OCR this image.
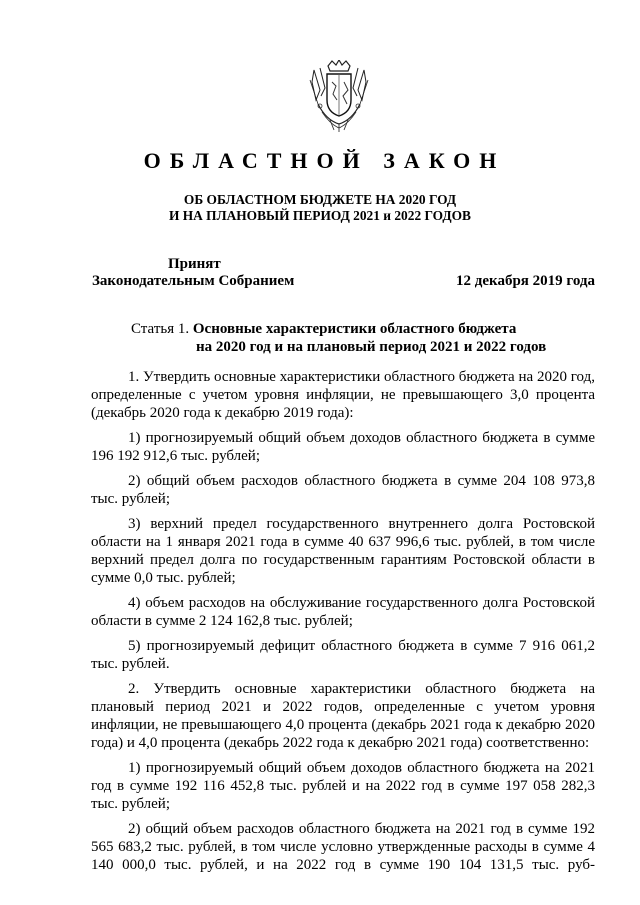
ОБЛАСТНОЙ ЗАКОН
ОБ ОБЛАСТНОМ БЮДЖЕТЕ НА 2020 ГОД
И НА ПЛАНОВЫЙ ПЕРИОД 2021 и 2022 ГОДОВ
Принят
Законодательным Собранием	12 декабря 2019 года
Статья 1. Основные характеристики областного бюджета
на 2020 год и на плановый период 2021 и 2022 годов

1. Утвердить основные характеристики областного бюджета на 2020 год, определенные с учетом уровня инфляции, не превышающего 3,0 процента (декабрь 2020 года к декабрю 2019 года):

1) прогнозируемый общий объем доходов областного бюджета в сумме 196 192 912,6 тыс. рублей;

2) общий объем расходов областного бюджета в сумме 204 108 973,8 тыс. рублей;

3) верхний предел государственного внутреннего долга Ростовской области на 1 января 2021 года в сумме 40 637 996,6 тыс. рублей, в том числе верхний предел долга по государственным гарантиям Ростовской области в сумме 0,0 тыс. рублей;

4) объем расходов на обслуживание государственного долга Ростовской области в сумме 2 124 162,8 тыс. рублей;

5) прогнозируемый дефицит областного бюджета в сумме 7 916 061,2 тыс. рублей.

2. Утвердить основные характеристики областного бюджета на плановый период 2021 и 2022 годов, определенные с учетом уровня инфляции, не превышающего 4,0 процента (декабрь 2021 года к декабрю 2020 года) и 4,0 процента (декабрь 2022 года к декабрю 2021 года) соответственно:

1) прогнозируемый общий объем доходов областного бюджета на 2021 год в сумме 192 116 452,8 тыс. рублей и на 2022 год в сумме 197 058 282,3 тыс. рублей;

2) общий объем расходов областного бюджета на 2021 год в сумме 192 565 683,2 тыс. рублей, в том числе условно утвержденные расходы в сумме 4 140 000,0 тыс. рублей, и на 2022 год в сумме 190 104 131,5 тыс. руб-
